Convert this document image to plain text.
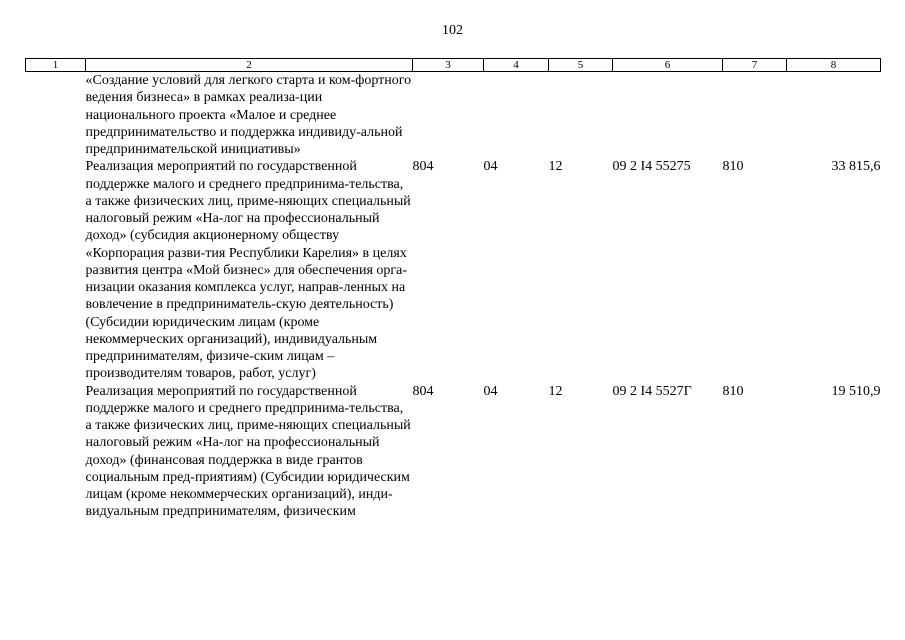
102
1	2	3	4	5	6	7	8
	«Создание условий для легкого старта и ком-фортного ведения бизнеса» в рамках реализа-ции национального проекта «Малое и среднее предпринимательство и поддержка индивиду-альной предпринимательской инициативы»						
	Реализация мероприятий по государственной поддержке малого и среднего предпринима-тельства, а также физических лиц, приме-няющих специальный налоговый режим «На-лог на профессиональный доход» (субсидия акционерному обществу «Корпорация разви-тия Республики Карелия» в целях развития центра «Мой бизнес» для обеспечения орга-низации оказания комплекса услуг, направ-ленных на вовлечение в предприниматель-скую деятельность) (Субсидии юридическим лицам (кроме некоммерческих организаций), индивидуальным предпринимателям, физиче-ским лицам – производителям товаров, работ, услуг)	804	04	12	09 2 I4 55275	810	33 815,6
	Реализация мероприятий по государственной поддержке малого и среднего предпринима-тельства, а также физических лиц, приме-няющих специальный налоговый режим «На-лог на профессиональный доход» (финансовая поддержка в виде грантов социальным пред-приятиям) (Субсидии юридическим лицам (кроме некоммерческих организаций), инди-видуальным предпринимателям, физическим	804	04	12	09 2 I4 5527Г	810	19 510,9
